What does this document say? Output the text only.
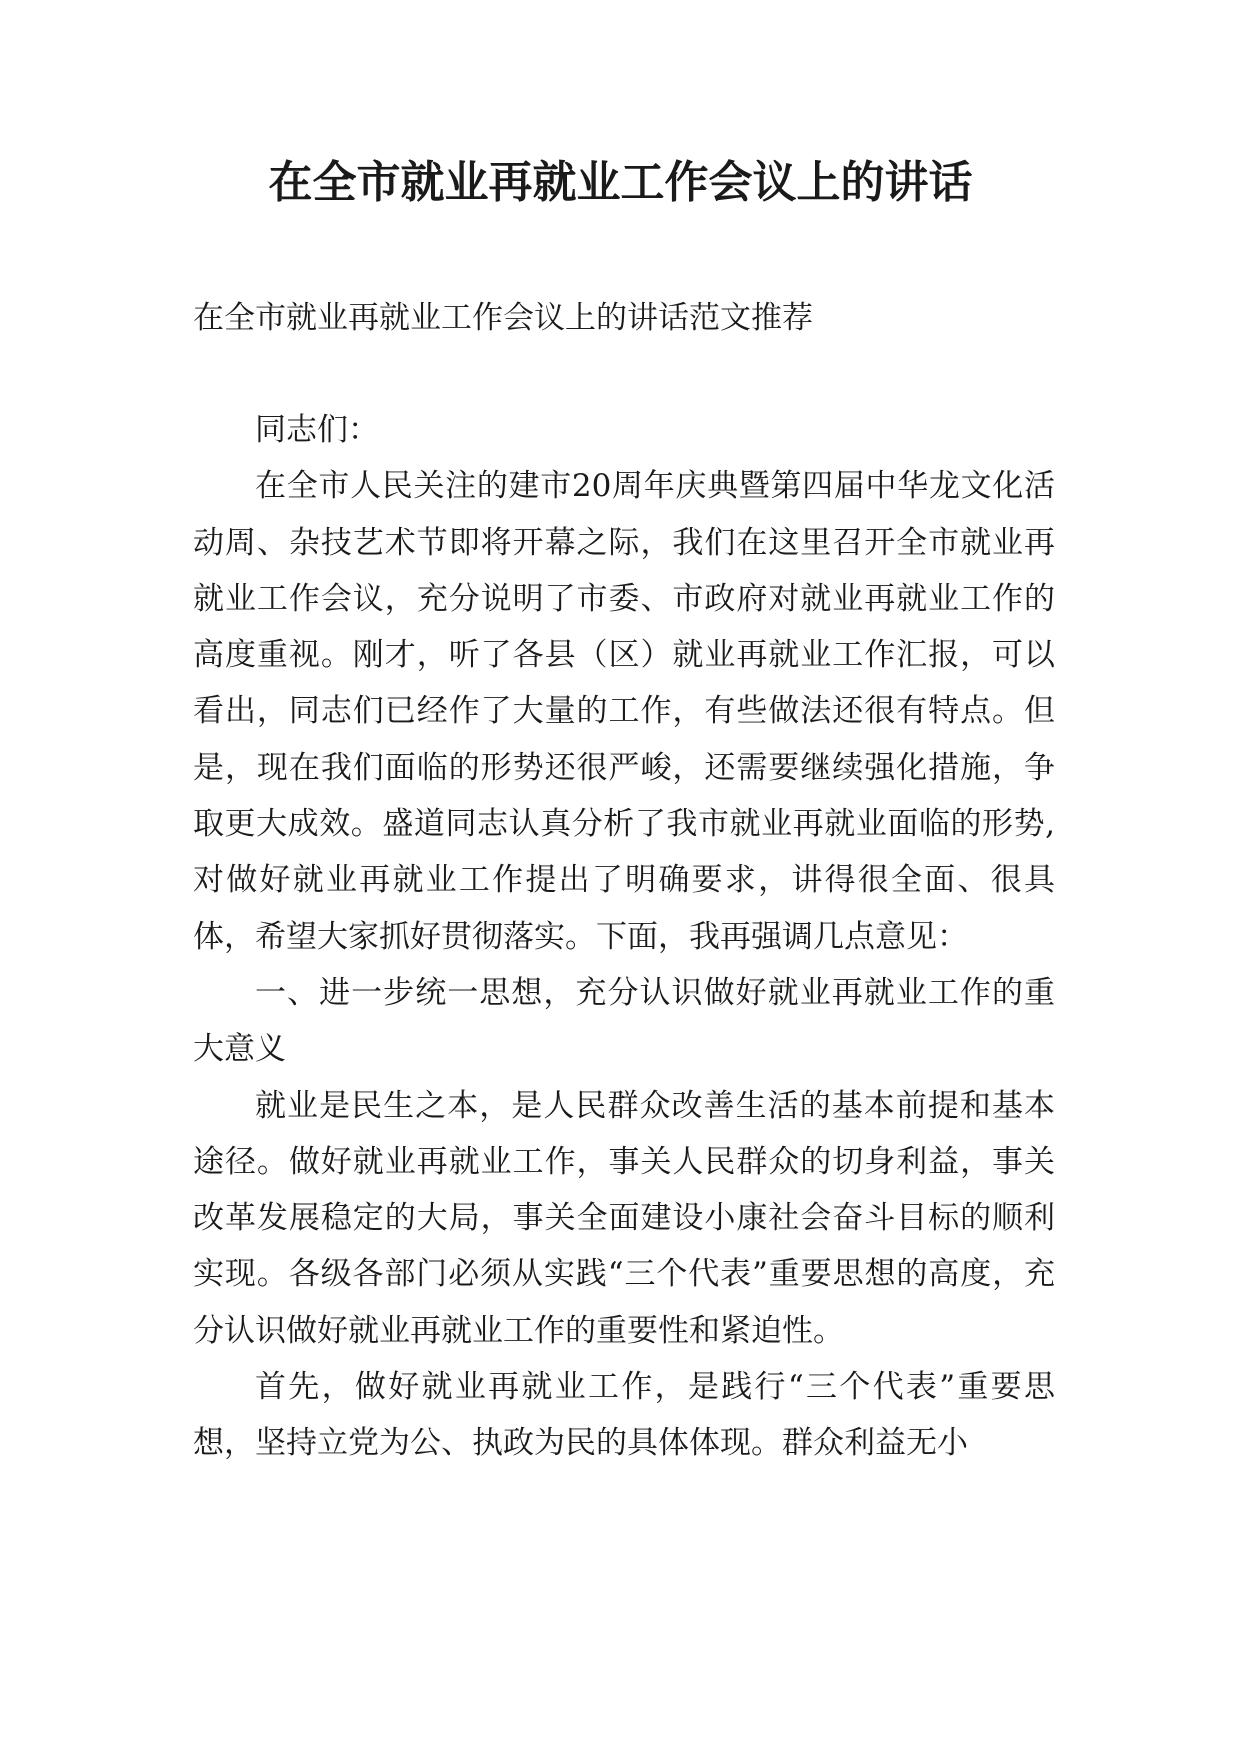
在全市就业再就业工作会议上的讲话

在全市就业再就业工作会议上的讲话范文推荐

同志们：

在全市人民关注的建市20周年庆典暨第四届中华龙文化活动周、杂技艺术节即将开幕之际，我们在这里召开全市就业再就业工作会议，充分说明了市委、市政府对就业再就业工作的高度重视。刚才，听了各县（区）就业再就业工作汇报，可以看出，同志们已经作了大量的工作，有些做法还很有特点。但是，现在我们面临的形势还很严峻，还需要继续强化措施，争取更大成效。盛道同志认真分析了我市就业再就业面临的形势,对做好就业再就业工作提出了明确要求，讲得很全面、很具体，希望大家抓好贯彻落实。下面，我再强调几点意见：

一、进一步统一思想，充分认识做好就业再就业工作的重大意义

就业是民生之本，是人民群众改善生活的基本前提和基本途径。做好就业再就业工作，事关人民群众的切身利益，事关改革发展稳定的大局，事关全面建设小康社会奋斗目标的顺利实现。各级各部门必须从实践“三个代表”重要思想的高度，充分认识做好就业再就业工作的重要性和紧迫性。

首先，做好就业再就业工作，是践行“三个代表”重要思想，坚持立党为公、执政为民的具体体现。群众利益无小
